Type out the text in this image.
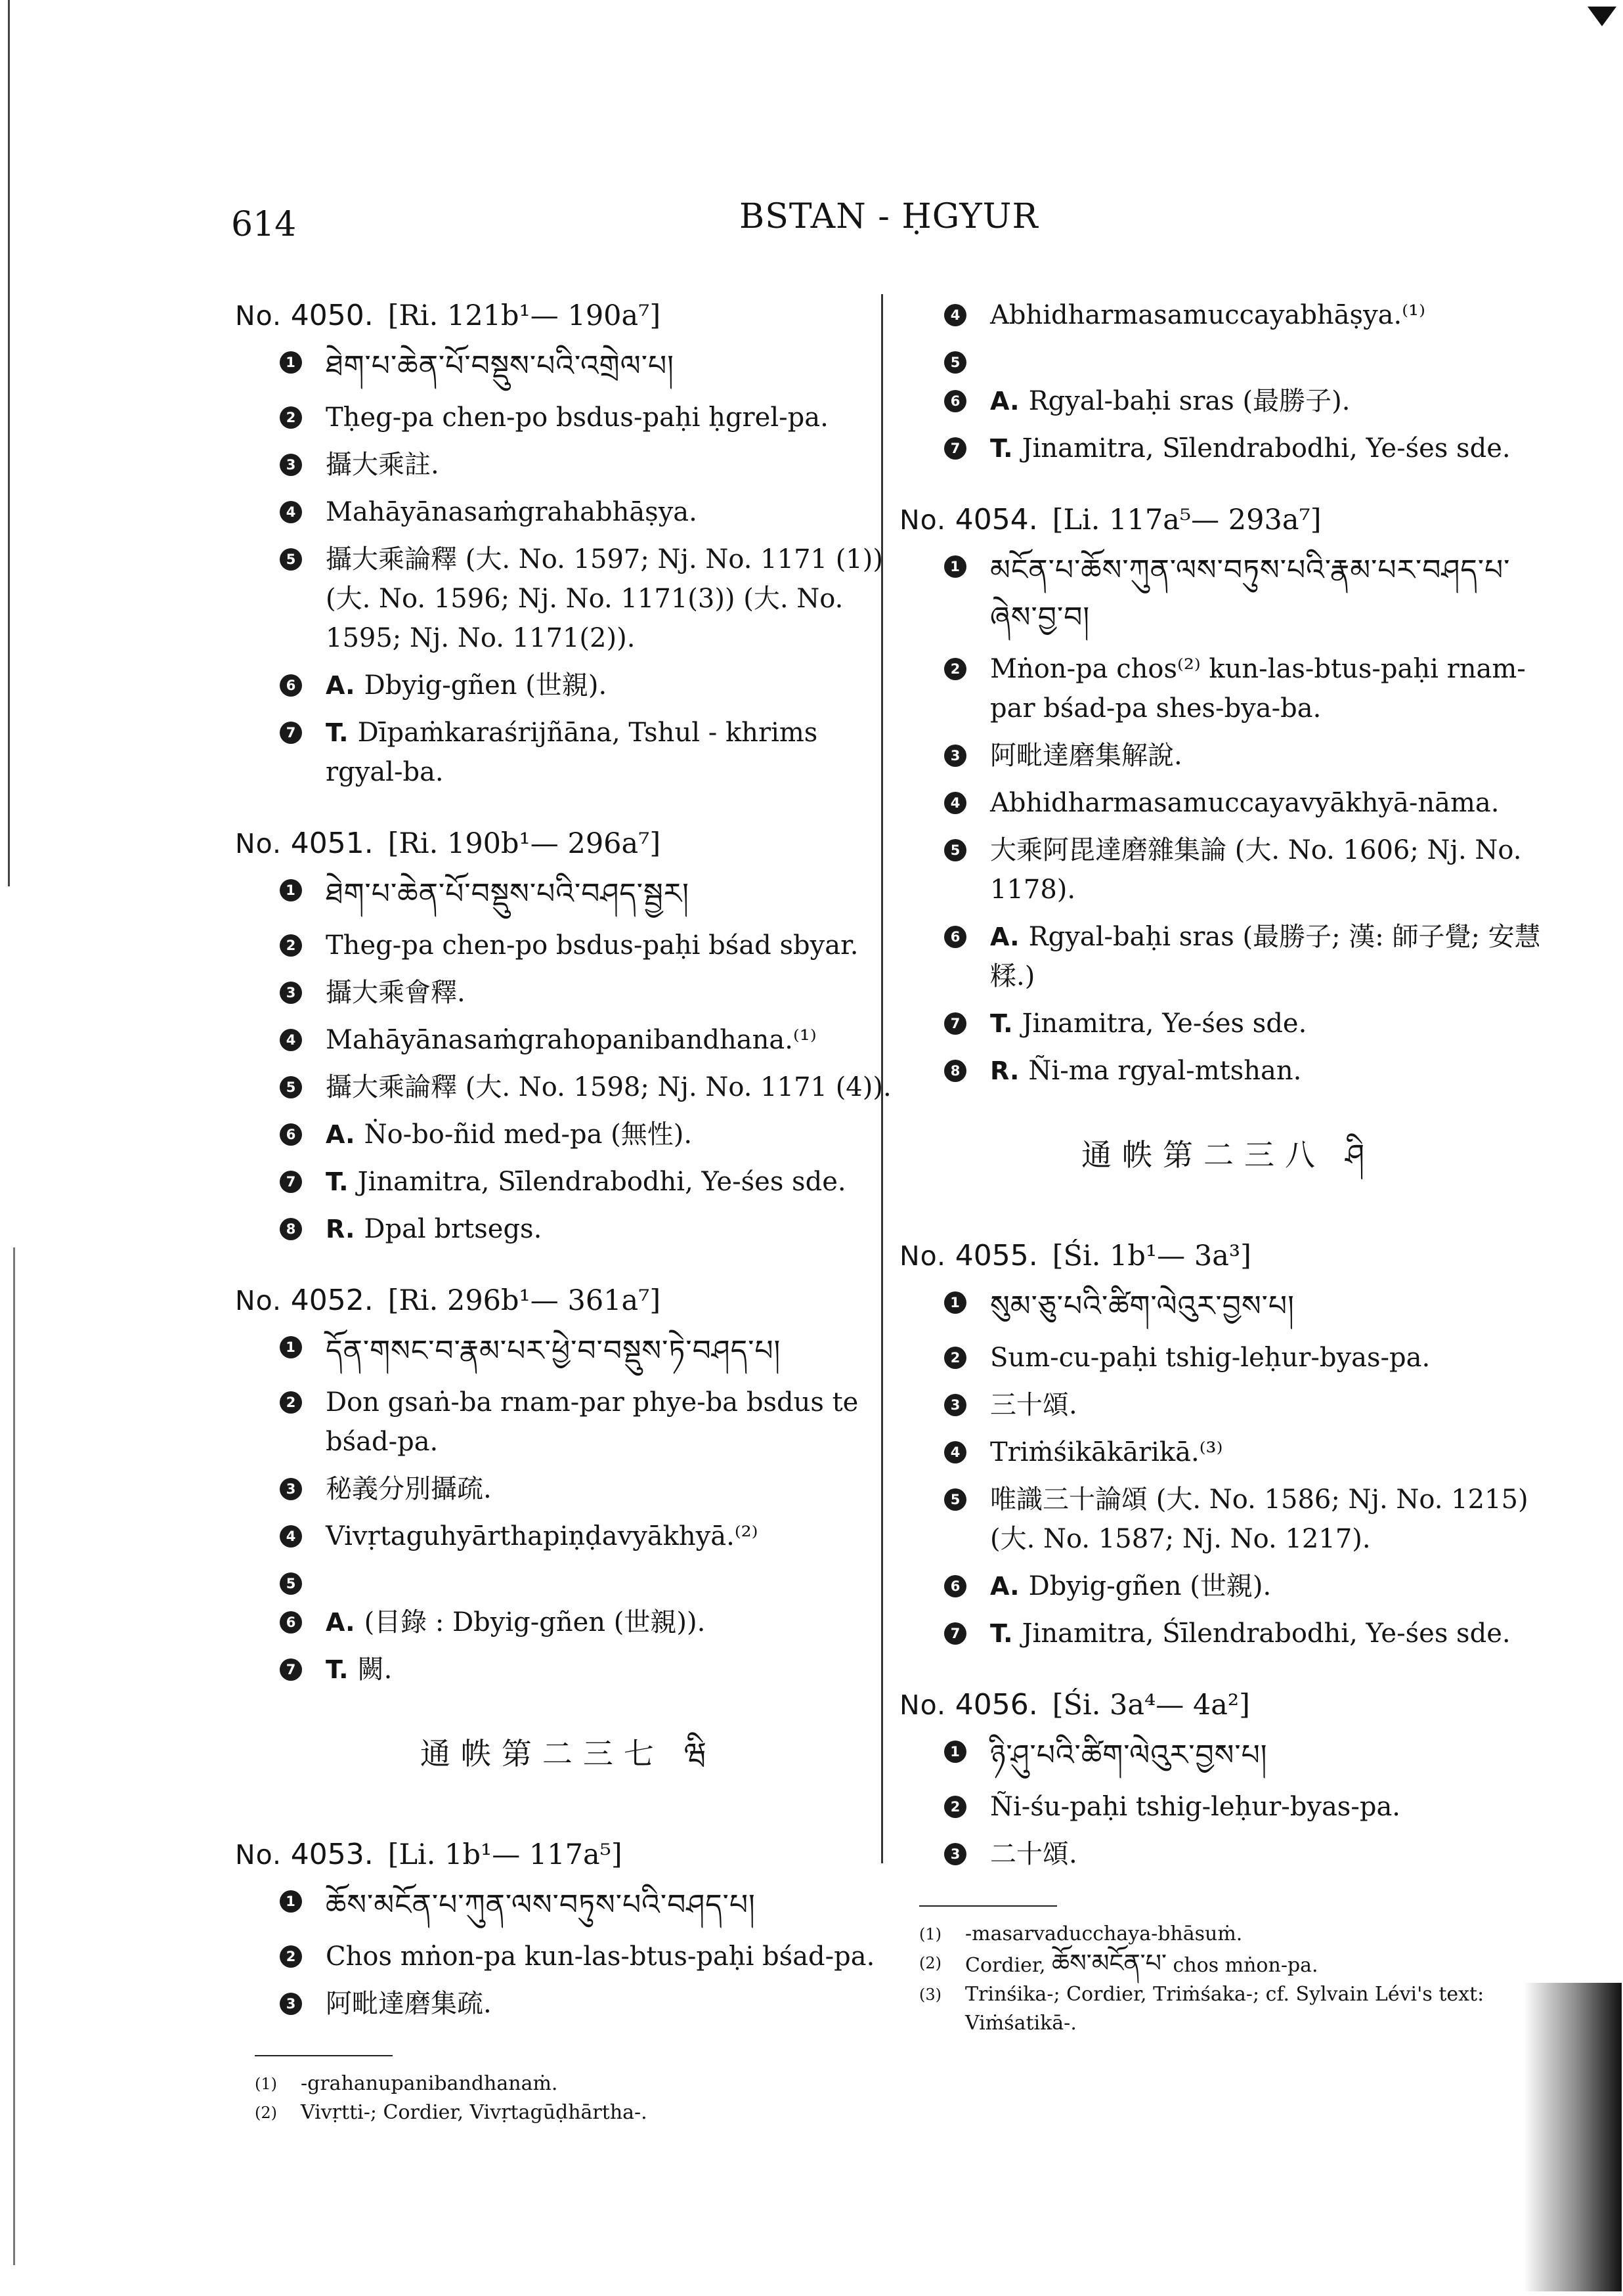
614	BSTAN - ḤGYUR
No. 4050. [Ri. 121b¹— 190a⁷]
1 ཐེག་པ་ཆེན་པོ་བསྡུས་པའི་འགྲེལ་པ།
2 Tḥeg-pa chen-po bsdus-paḥi ḥgrel-pa.
3 攝大乘註.
4 Mahāyānasaṁgrahabhāṣya.
5 攝大乘論釋 (大. No. 1597; Nj. No. 1171 (1)) (大. No. 1596; Nj. No. 1171(3)) (大. No. 1595; Nj. No. 1171(2)).
6 A. Dbyig-gñen (世親).
7 T. Dīpaṁkaraśrijñāna, Tshul - khrims rgyal-ba.
No. 4051. [Ri. 190b¹— 296a⁷]
1 ཐེག་པ་ཆེན་པོ་བསྡུས་པའི་བཤད་སྦྱར།
2 Theg-pa chen-po bsdus-paḥi bśad sbyar.
3 攝大乘會釋.
4 Mahāyānasaṁgrahopanibandhana.⁽¹⁾
5 攝大乘論釋 (大. No. 1598; Nj. No. 1171 (4)).
6 A. Ṅo-bo-ñid med-pa (無性).
7 T. Jinamitra, Sīlendrabodhi, Ye-śes sde.
8 R. Dpal brtsegs.
No. 4052. [Ri. 296b¹— 361a⁷]
1 དོན་གསང་བ་རྣམ་པར་ཕྱེ་བ་བསྡུས་ཏེ་བཤད་པ།
2 Don gsaṅ-ba rnam-par phye-ba bsdus te bśad-pa.
3 秘義分別攝疏.
4 Vivṛtaguhyārthapiṇḍavyākhyā.⁽²⁾
5
6 A. (目錄 : Dbyig-gñen (世親)).
7 T. 闕.
通帙第二三七 ཝི
No. 4053. [Li. 1b¹— 117a⁵]
1 ཆོས་མངོན་པ་ཀུན་ལས་བཏུས་པའི་བཤད་པ།
2 Chos mṅon-pa kun-las-btus-paḥi bśad-pa.
3 阿毗達磨集疏.
(1)	-grahanupanibandhanaṁ.
(2)	Vivṛtti-; Cordier, Vivṛtagūḍhārtha-.
4 Abhidharmasamuccayabhāṣya.⁽¹⁾
5
6 A. Rgyal-baḥi sras (最勝子).
7 T. Jinamitra, Sīlendrabodhi, Ye-śes sde.
No. 4054. [Li. 117a⁵— 293a⁷]
1 མངོན་པ་ཆོས་ཀུན་ལས་བཏུས་པའི་རྣམ་པར་བཤད་པ་ཞེས་བྱ་བ།
2 Mṅon-pa chos⁽²⁾ kun-las-btus-paḥi rnam-par bśad-pa shes-bya-ba.
3 阿毗達磨集解說.
4 Abhidharmasamuccayavyākhyā-nāma.
5 大乘阿毘達磨雜集論 (大. No. 1606; Nj. No. 1178).
6 A. Rgyal-baḥi sras (最勝子; 漢: 師子覺; 安慧糅.)
7 T. Jinamitra, Ye-śes sde.
8 R. Ñi-ma rgyal-mtshan.
通帙第二三八 ཤི
No. 4055. [Śi. 1b¹— 3a³]
1 སུམ་ཅུ་པའི་ཚིག་ལེའུར་བྱས་པ།
2 Sum-cu-paḥi tshig-leḥur-byas-pa.
3 三十頌.
4 Triṁśikākārikā.⁽³⁾
5 唯識三十論頌 (大. No. 1586; Nj. No. 1215) (大. No. 1587; Nj. No. 1217).
6 A. Dbyig-gñen (世親).
7 T. Jinamitra, Śīlendrabodhi, Ye-śes sde.
No. 4056. [Śi. 3a⁴— 4a²]
1 ཉི་ཤུ་པའི་ཚིག་ལེའུར་བྱས་པ།
2 Ñi-śu-paḥi tshig-leḥur-byas-pa.
3 二十頌.
(1)	-masarvaducchaya-bhāsuṁ.
(2)	Cordier, ཆོས་མངོན་པ་ chos mṅon-pa.
(3)	Trinśika-; Cordier, Triṁśaka-; cf. Sylvain Lévi's text: Viṁśatikā-.
